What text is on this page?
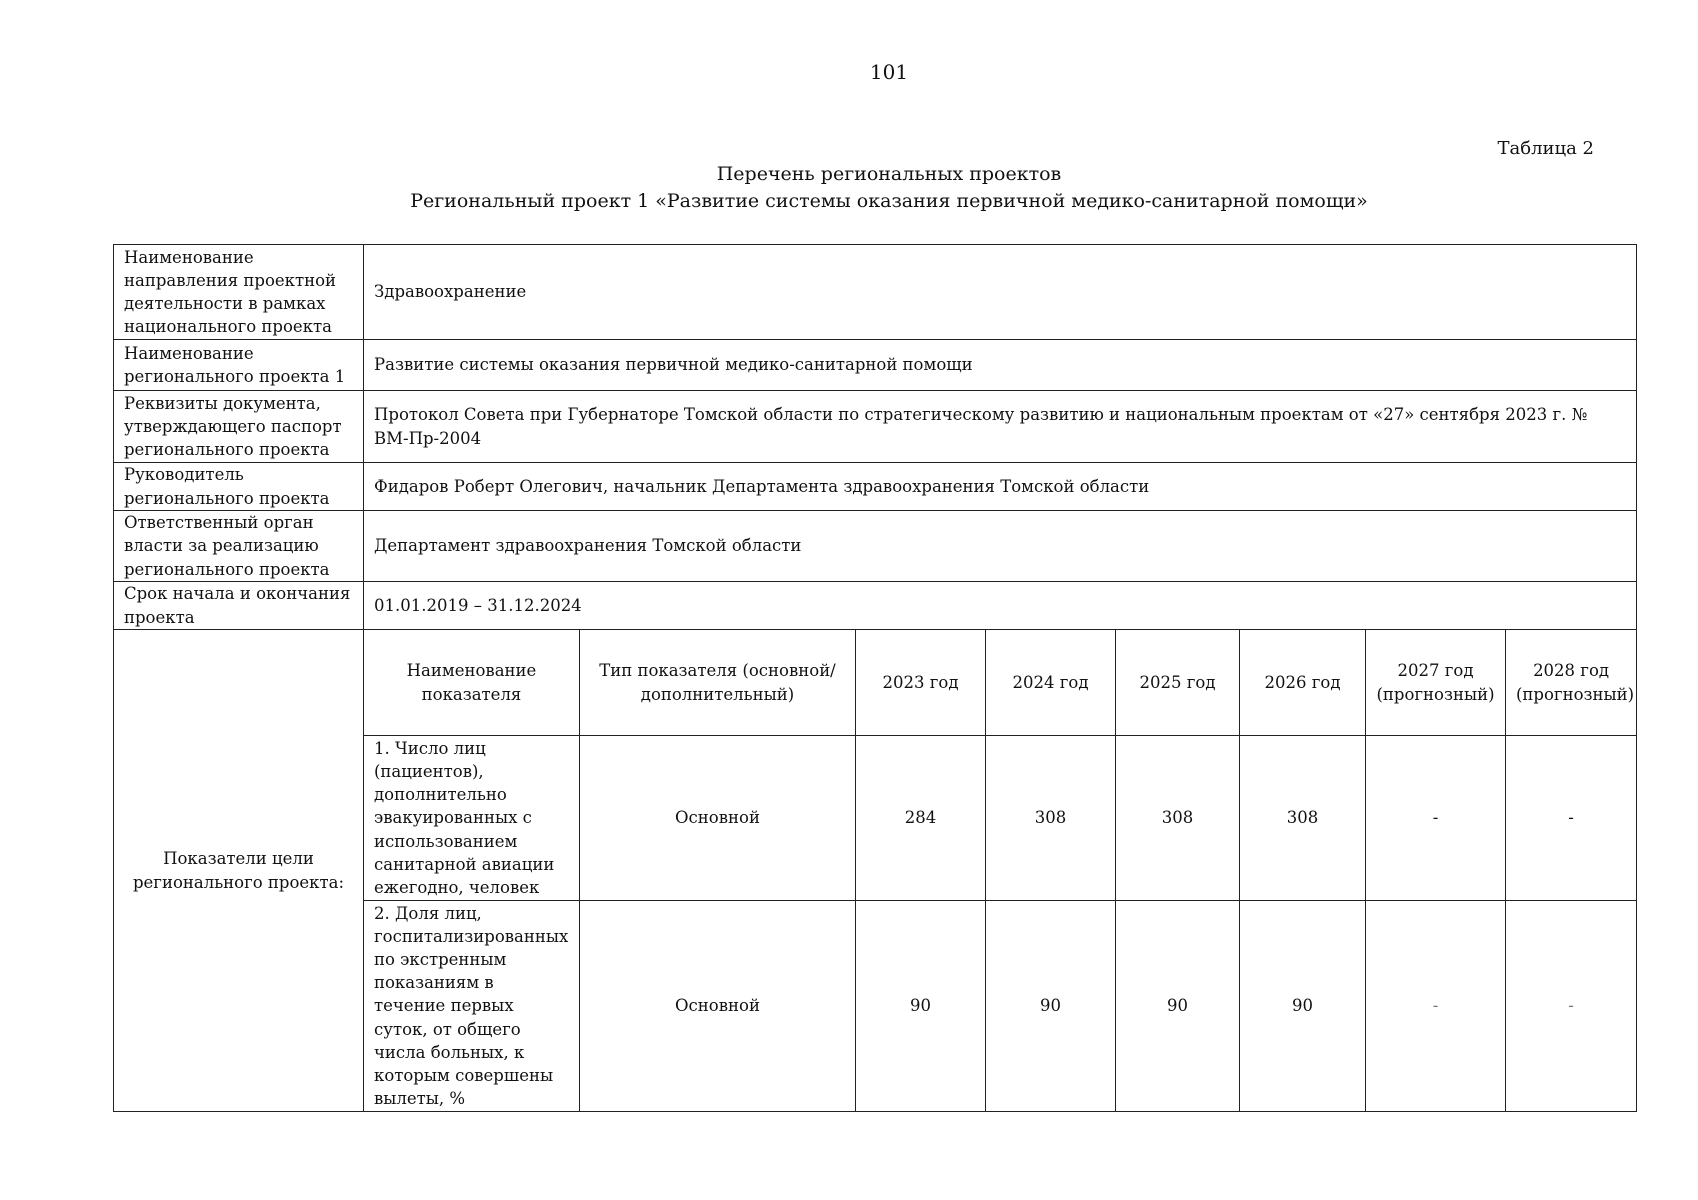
101
Таблица 2
Перечень региональных проектов
Региональный проект 1 «Развитие системы оказания первичной медико-санитарной помощи»
Наименование направления проектной деятельности в рамках национального проекта	Здравоохранение							
Наименование регионального проекта 1	Развитие системы оказания первичной медико-санитарной помощи							
Реквизиты документа, утверждающего паспорт регионального проекта	Протокол Совета при Губернаторе Томской области по стратегическому развитию и национальным проектам от «27» сентября 2023 г. № ВМ-Пр-2004							
Руководитель регионального проекта	Фидаров Роберт Олегович, начальник Департамента здравоохранения Томской области							
Ответственный орган власти за реализацию регионального проекта	Департамент здравоохранения Томской области							
Срок начала и окончания проекта	01.01.2019 – 31.12.2024							
Показатели цели регионального проекта:	Наименование показателя	Тип показателя (основной/дополнительный)	2023 год	2024 год	2025 год	2026 год	2027 год (прогнозный)	2028 год (прогнозный)
	1. Число лиц (пациентов), дополнительно эвакуированных с использованием санитарной авиации ежегодно, человек	Основной	284	308	308	308	-	-
	2. Доля лиц, госпитализированных по экстренным показаниям в течение первых суток, от общего числа больных, к которым совершены вылеты, %	Основной	90	90	90	90	-	-
